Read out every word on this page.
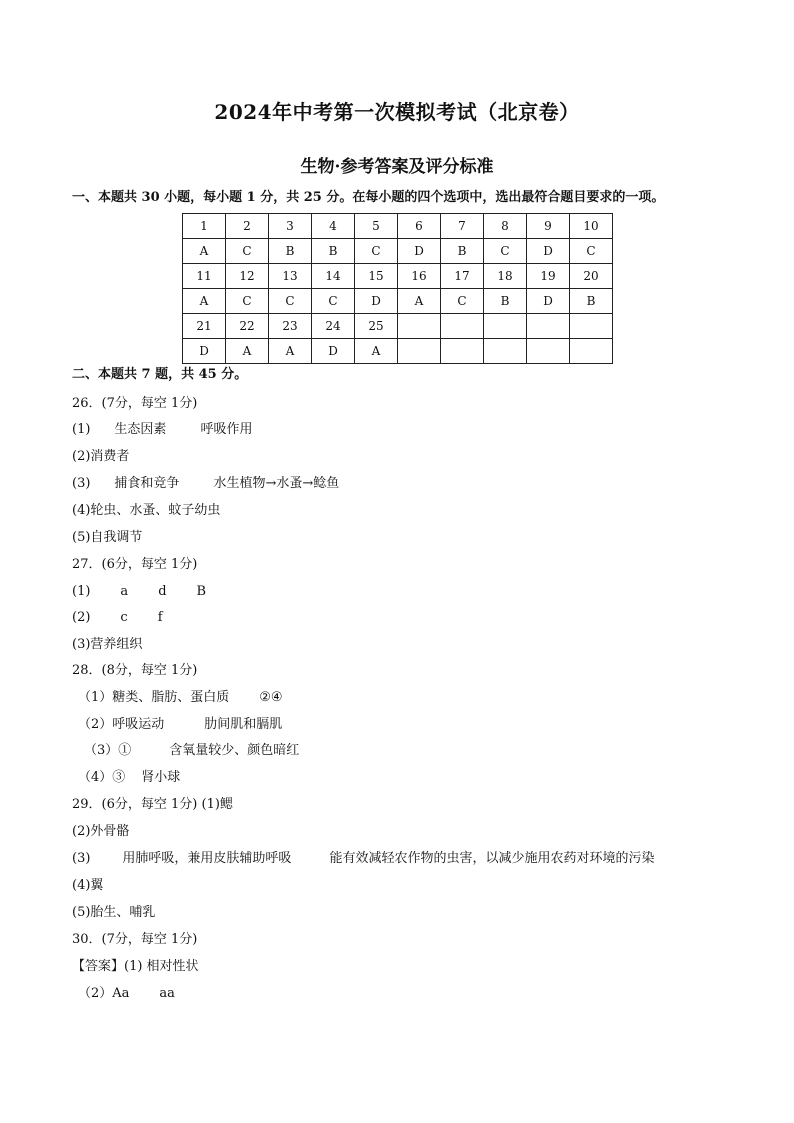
2024年中考第一次模拟考试（北京卷）
生物·参考答案及评分标准
一、本题共 30 小题，每小题 1 分，共 25 分。在每小题的四个选项中，选出最符合题目要求的一项。
1	2	3	4	5	6	7	8	9	10
A	C	B	B	C	D	B	C	D	C
11	12	13	14	15	16	17	18	19	20
A	C	C	C	D	A	C	B	D	B
21	22	23	24	25					
D	A	A	D	A					
二、本题共 7 题，共 45 分。
26．(7分，每空 1分)
(1) 生态因素	呼吸作用
(2)消费者
(3) 捕食和竞争	水生植物→水蚤→鲶鱼
(4)轮虫、水蚤、蚊子幼虫
(5)自我调节
27．(6分，每空 1分)
(1) a d B
(2) c f
(3)营养组织
28．(8分，每空 1分)
（1）糖类、脂肪、蛋白质 ②④
（2）呼吸运动	肋间肌和膈肌
（3）①	含氧量较少、颜色暗红
（4）③ 肾小球
29．(6分，每空 1分) (1)鳃
(2)外骨骼
(3) 用肺呼吸，兼用皮肤辅助呼吸	能有效减轻农作物的虫害，以减少施用农药对环境的污染
(4)翼
(5)胎生、哺乳
30．(7分，每空 1分)
【答案】(1) 相对性状
（2）Aa aa
